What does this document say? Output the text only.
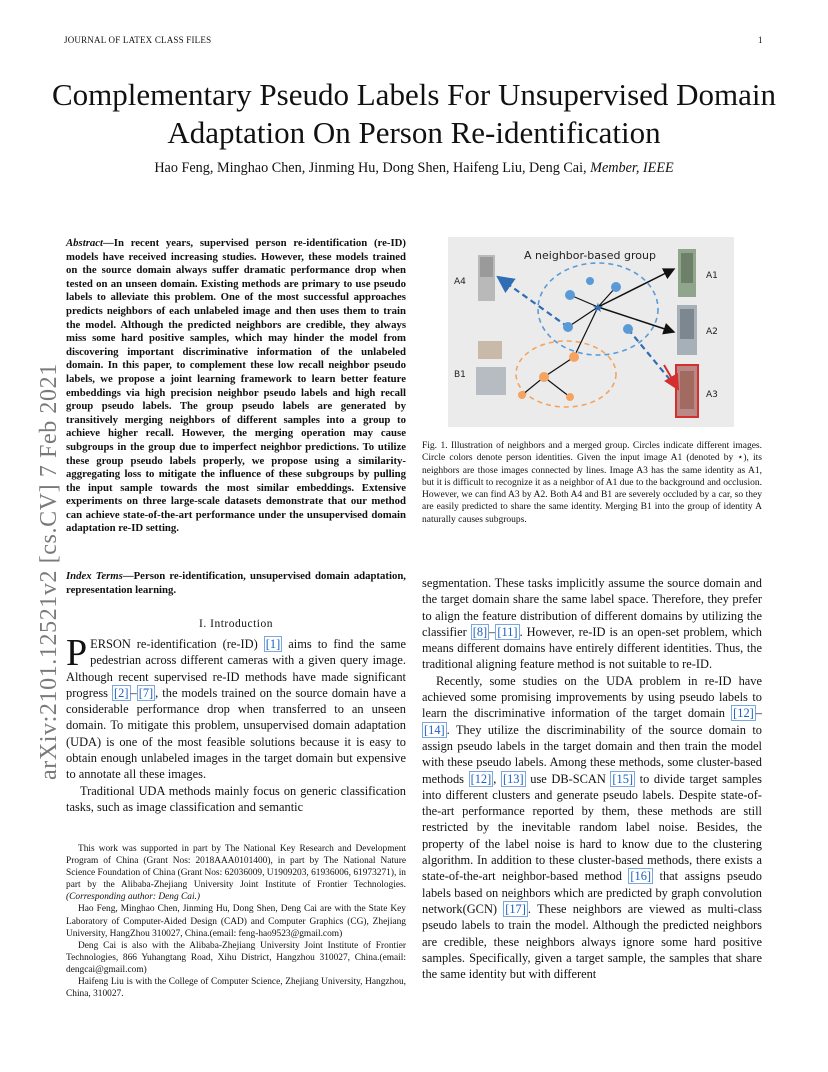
JOURNAL OF LATEX CLASS FILES	1
Complementary Pseudo Labels For Unsupervised Domain Adaptation On Person Re-identification
Hao Feng, Minghao Chen, Jinming Hu, Dong Shen, Haifeng Liu, Deng Cai, Member, IEEE
arXiv:2101.12521v2 [cs.CV] 7 Feb 2021
Abstract—In recent years, supervised person re-identification (re-ID) models have received increasing studies. However, these models trained on the source domain always suffer dramatic performance drop when tested on an unseen domain. Existing methods are primary to use pseudo labels to alleviate this problem. One of the most successful approaches predicts neighbors of each unlabeled image and then uses them to train the model. Although the predicted neighbors are credible, they always miss some hard positive samples, which may hinder the model from discovering important discriminative information of the unlabeled domain. In this paper, to complement these low recall neighbor pseudo labels, we propose a joint learning framework to learn better feature embeddings via high precision neighbor pseudo labels and high recall group pseudo labels. The group pseudo labels are generated by transitively merging neighbors of different samples into a group to achieve higher recall. However, the merging operation may cause subgroups in the group due to imperfect neighbor predictions. To utilize these group pseudo labels properly, we propose using a similarity-aggregating loss to mitigate the influence of these subgroups by pulling the input sample towards the most similar embeddings. Extensive experiments on three large-scale datasets demonstrate that our method can achieve state-of-the-art performance under the unsupervised domain adaptation re-ID setting.
Index Terms—Person re-identification, unsupervised domain adaptation, representation learning.
I. Introduction
PERSON re-identification (re-ID) [1] aims to find the same pedestrian across different cameras with a given query image. Although recent supervised re-ID methods have made significant progress [2] – [7] , the models trained on the source domain have a considerable performance drop when transferred to an unseen domain. To mitigate this problem, unsupervised domain adaptation (UDA) is one of the most feasible solutions because it is easy to obtain enough unlabeled images in the target domain but expensive to annotate all these images.

Traditional UDA methods mainly focus on generic classification tasks, such as image classification and semantic

This work was supported in part by The National Key Research and Development Program of China (Grant Nos: 2018AAA0101400), in part by The National Nature Science Foundation of China (Grant Nos: 62036009, U1909203, 61936006, 61973271), in part by the Alibaba-Zhejiang University Joint Institute of Frontier Technologies.(Corresponding author: Deng Cai.)

Hao Feng, Minghao Chen, Jinming Hu, Dong Shen, Deng Cai are with the State Key Laboratory of Computer-Aided Design (CAD) and Computer Graphics (CG), Zhejiang University, HangZhou 310027, China.(email: feng-hao9523@gmail.com)

Deng Cai is also with the Alibaba-Zhejiang University Joint Institute of Frontier Technologies, 866 Yuhangtang Road, Xihu District, Hangzhou 310027, China.(email: dengcai@gmail.com)

Haifeng Liu is with the College of Computer Science, Zhejiang University, Hangzhou, China, 310027.

A neighbor-based group
A4
B1
A1
A2
A3
★
Fig. 1. Illustration of neighbors and a merged group. Circles indicate different images. Circle colors denote person identities. Given the input image A1 (denoted by ⋆), its neighbors are those images connected by lines. Image A3 has the same identity as A1, but it is difficult to recognize it as a neighbor of A1 due to the background and occlusion. However, we can find A3 by A2. Both A4 and B1 are severely occluded by a car, so they are easily predicted to share the same identity. Merging B1 into the group of identity A naturally causes subgroups.

segmentation. These tasks implicitly assume the source domain and the target domain share the same label space. Therefore, they prefer to align the feature distribution of different domains by utilizing the classifier [8] – [11] . However, re-ID is an open-set problem, which means different domains have entirely different identities. Thus, the traditional aligning feature method is not suitable to re-ID.

Recently, some studies on the UDA problem in re-ID have achieved some promising improvements by using pseudo labels to learn the discriminative information of the target domain [12] –[14] . They utilize the discriminability of the source domain to assign pseudo labels in the target domain and then train the model with these pseudo labels. Among these methods, some cluster-based methods [12] , [13] use DB-SCAN [15] to divide target samples into different clusters and generate pseudo labels. Despite state-of-the-art performance reported by them, these methods are still restricted by the inevitable random label noise. Besides, the property of the label noise is hard to know due to the clustering algorithm. In addition to these cluster-based methods, there exists a state-of-the-art neighbor-based method [16] that assigns pseudo labels based on neighbors which are predicted by graph convolution network(GCN) [17] . These neighbors are viewed as multi-class pseudo labels to train the model. Although the predicted neighbors are credible, these neighbors always ignore some hard positive samples. Specifically, given a target sample, the samples that share the same identity but with different
